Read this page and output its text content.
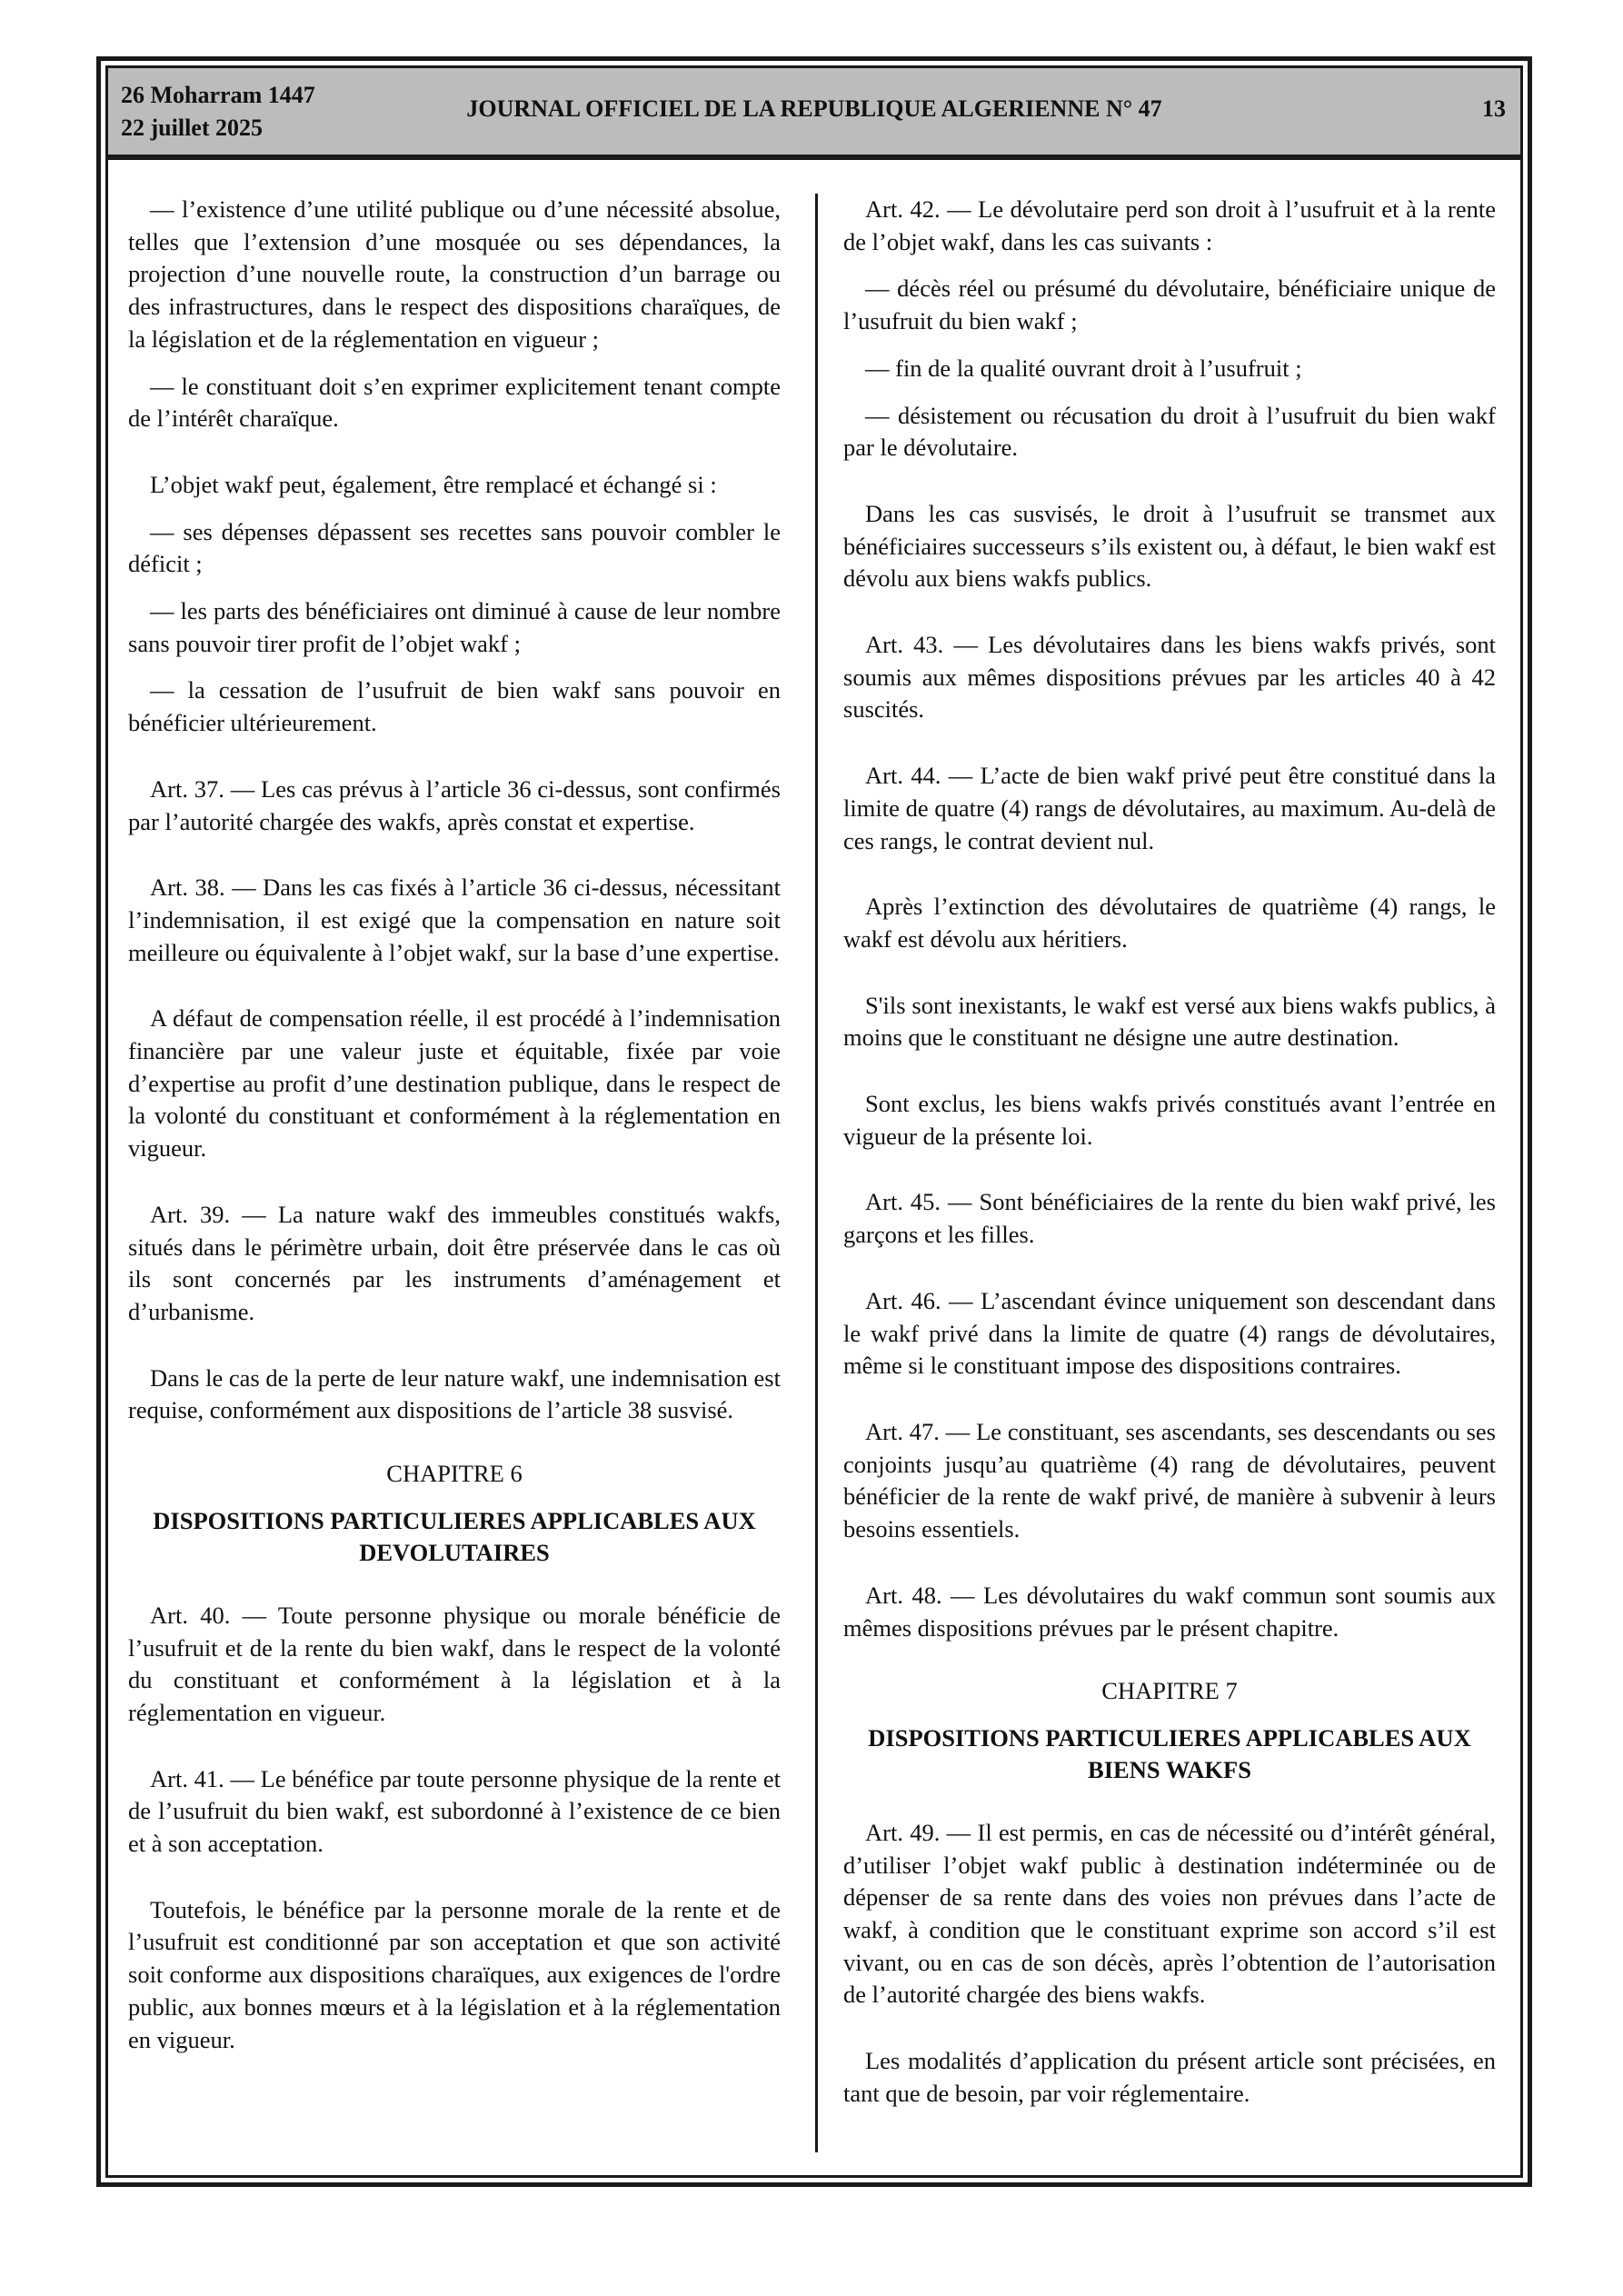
26 Moharram 1447
22 juillet 2025
JOURNAL OFFICIEL DE LA REPUBLIQUE ALGERIENNE N° 47	13

— l’existence d’une utilité publique ou d’une nécessité absolue, telles que l’extension d’une mosquée ou ses dépendances, la projection d’une nouvelle route, la construction d’un barrage ou des infrastructures, dans le respect des dispositions charaïques, de la législation et de la réglementation en vigueur ;

— le constituant doit s’en exprimer explicitement tenant compte de l’intérêt charaïque.

L’objet wakf peut, également, être remplacé et échangé si :

— ses dépenses dépassent ses recettes sans pouvoir combler le déficit ;

— les parts des bénéficiaires ont diminué à cause de leur nombre sans pouvoir tirer profit de l’objet wakf ;

— la cessation de l’usufruit de bien wakf sans pouvoir en bénéficier ultérieurement.

Art. 37. — Les cas prévus à l’article 36 ci-dessus, sont confirmés par l’autorité chargée des wakfs, après constat et expertise.

Art. 38. — Dans les cas fixés à l’article 36 ci-dessus, nécessitant l’indemnisation, il est exigé que la compensation en nature soit meilleure ou équivalente à l’objet wakf, sur la base d’une expertise.

A défaut de compensation réelle, il est procédé à l’indemnisation financière par une valeur juste et équitable, fixée par voie d’expertise au profit d’une destination publique, dans le respect de la volonté du constituant et conformément à la réglementation en vigueur.

Art. 39. — La nature wakf des immeubles constitués wakfs, situés dans le périmètre urbain, doit être préservée dans le cas où ils sont concernés par les instruments d’aménagement et d’urbanisme.

Dans le cas de la perte de leur nature wakf, une indemnisation est requise, conformément aux dispositions de l’article 38 susvisé.

CHAPITRE 6

DISPOSITIONS PARTICULIERES APPLICABLES AUX DEVOLUTAIRES

Art. 40. — Toute personne physique ou morale bénéficie de l’usufruit et de la rente du bien wakf, dans le respect de la volonté du constituant et conformément à la législation et à la réglementation en vigueur.

Art. 41. — Le bénéfice par toute personne physique de la rente et de l’usufruit du bien wakf, est subordonné à l’existence de ce bien et à son acceptation.

Toutefois, le bénéfice par la personne morale de la rente et de l’usufruit est conditionné par son acceptation et que son activité soit conforme aux dispositions charaïques, aux exigences de l'ordre public, aux bonnes mœurs et à la législation et à la réglementation en vigueur.

Art. 42. — Le dévolutaire perd son droit à l’usufruit et à la rente de l’objet wakf, dans les cas suivants :

— décès réel ou présumé du dévolutaire, bénéficiaire unique de l’usufruit du bien wakf ;

— fin de la qualité ouvrant droit à l’usufruit ;

— désistement ou récusation du droit à l’usufruit du bien wakf par le dévolutaire.

Dans les cas susvisés, le droit à l’usufruit se transmet aux bénéficiaires successeurs s’ils existent ou, à défaut, le bien wakf est dévolu aux biens wakfs publics.

Art. 43. — Les dévolutaires dans les biens wakfs privés, sont soumis aux mêmes dispositions prévues par les articles 40 à 42 suscités.

Art. 44. — L’acte de bien wakf privé peut être constitué dans la limite de quatre (4) rangs de dévolutaires, au maximum. Au-delà de ces rangs, le contrat devient nul.

Après l’extinction des dévolutaires de quatrième (4) rangs, le wakf est dévolu aux héritiers.

S'ils sont inexistants, le wakf est versé aux biens wakfs publics, à moins que le constituant ne désigne une autre destination.

Sont exclus, les biens wakfs privés constitués avant l’entrée en vigueur de la présente loi.

Art. 45. — Sont bénéficiaires de la rente du bien wakf privé, les garçons et les filles.

Art. 46. — L’ascendant évince uniquement son descendant dans le wakf privé dans la limite de quatre (4) rangs de dévolutaires, même si le constituant impose des dispositions contraires.

Art. 47. — Le constituant, ses ascendants, ses descendants ou ses conjoints jusqu’au quatrième (4) rang de dévolutaires, peuvent bénéficier de la rente de wakf privé, de manière à subvenir à leurs besoins essentiels.

Art. 48. — Les dévolutaires du wakf commun sont soumis aux mêmes dispositions prévues par le présent chapitre.

CHAPITRE 7

DISPOSITIONS PARTICULIERES APPLICABLES AUX BIENS WAKFS

Art. 49. — Il est permis, en cas de nécessité ou d’intérêt général, d’utiliser l’objet wakf public à destination indéterminée ou de dépenser de sa rente dans des voies non prévues dans l’acte de wakf, à condition que le constituant exprime son accord s’il est vivant, ou en cas de son décès, après l’obtention de l’autorisation de l’autorité chargée des biens wakfs.

Les modalités d’application du présent article sont précisées, en tant que de besoin, par voir réglementaire.
